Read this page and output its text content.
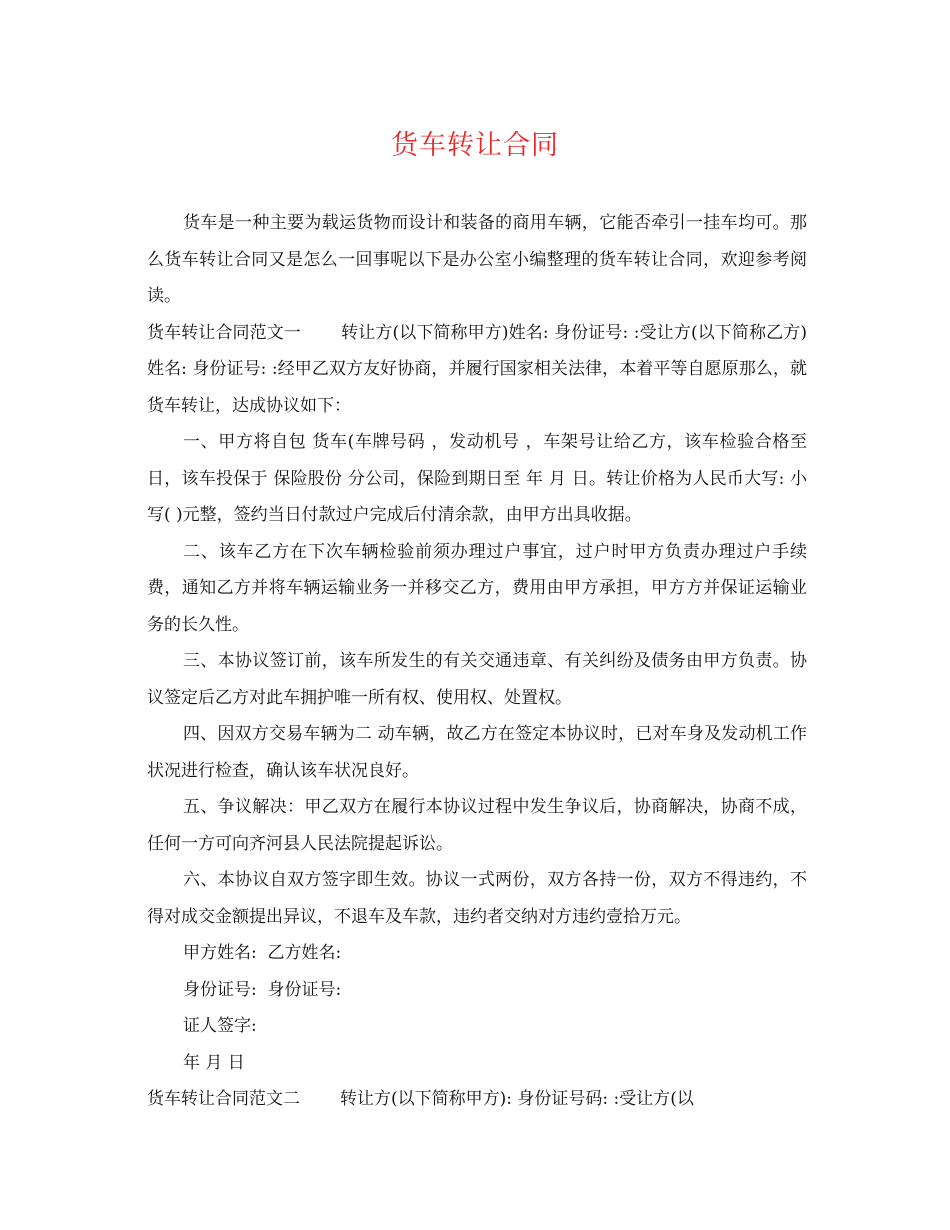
货车转让合同

货车是一种主要为载运货物而设计和装备的商用车辆，它能否牵引一挂车均可。那么货车转让合同又是怎么一回事呢以下是办公室小编整理的货车转让合同，欢迎参考阅读。

货车转让合同范文一 转让方(以下简称甲方)姓名: 身份证号: :受让方(以下简称乙方)姓名: 身份证号: :经甲乙双方友好协商，并履行国家相关法律，本着平等自愿原那么，就 货车转让，达成协议如下：

一、甲方将自包 货车(车牌号码 ，发动机号 ，车架号让给乙方，该车检验合格至日，该车投保于 保险股份 分公司，保险到期日至 年 月 日。转让价格为人民币大写: 小写( )元整，签约当日付款过户完成后付清余款，由甲方出具收据。

二、该车乙方在下次车辆检验前须办理过户事宜，过户时甲方负责办理过户手续费，通知乙方并将车辆运输业务一并移交乙方，费用由甲方承担，甲方方并保证运输业务的长久性。

三、本协议签订前，该车所发生的有关交通违章、有关纠纷及债务由甲方负责。协议签定后乙方对此车拥护唯一所有权、使用权、处置权。

四、因双方交易车辆为二 动车辆，故乙方在签定本协议时，已对车身及发动机工作状况进行检查，确认该车状况良好。

五、争议解决：甲乙双方在履行本协议过程中发生争议后，协商解决，协商不成，任何一方可向齐河县人民法院提起诉讼。

六、本协议自双方签字即生效。协议一式两份，双方各持一份，双方不得违约，不得对成交金额提出异议，不退车及车款，违约者交纳对方违约壹拾万元。

甲方姓名:  乙方姓名:

身份证号:  身份证号:

证人签字:

年 月 日

货车转让合同范文二 转让方(以下简称甲方): 身份证号码: :受让方(以
